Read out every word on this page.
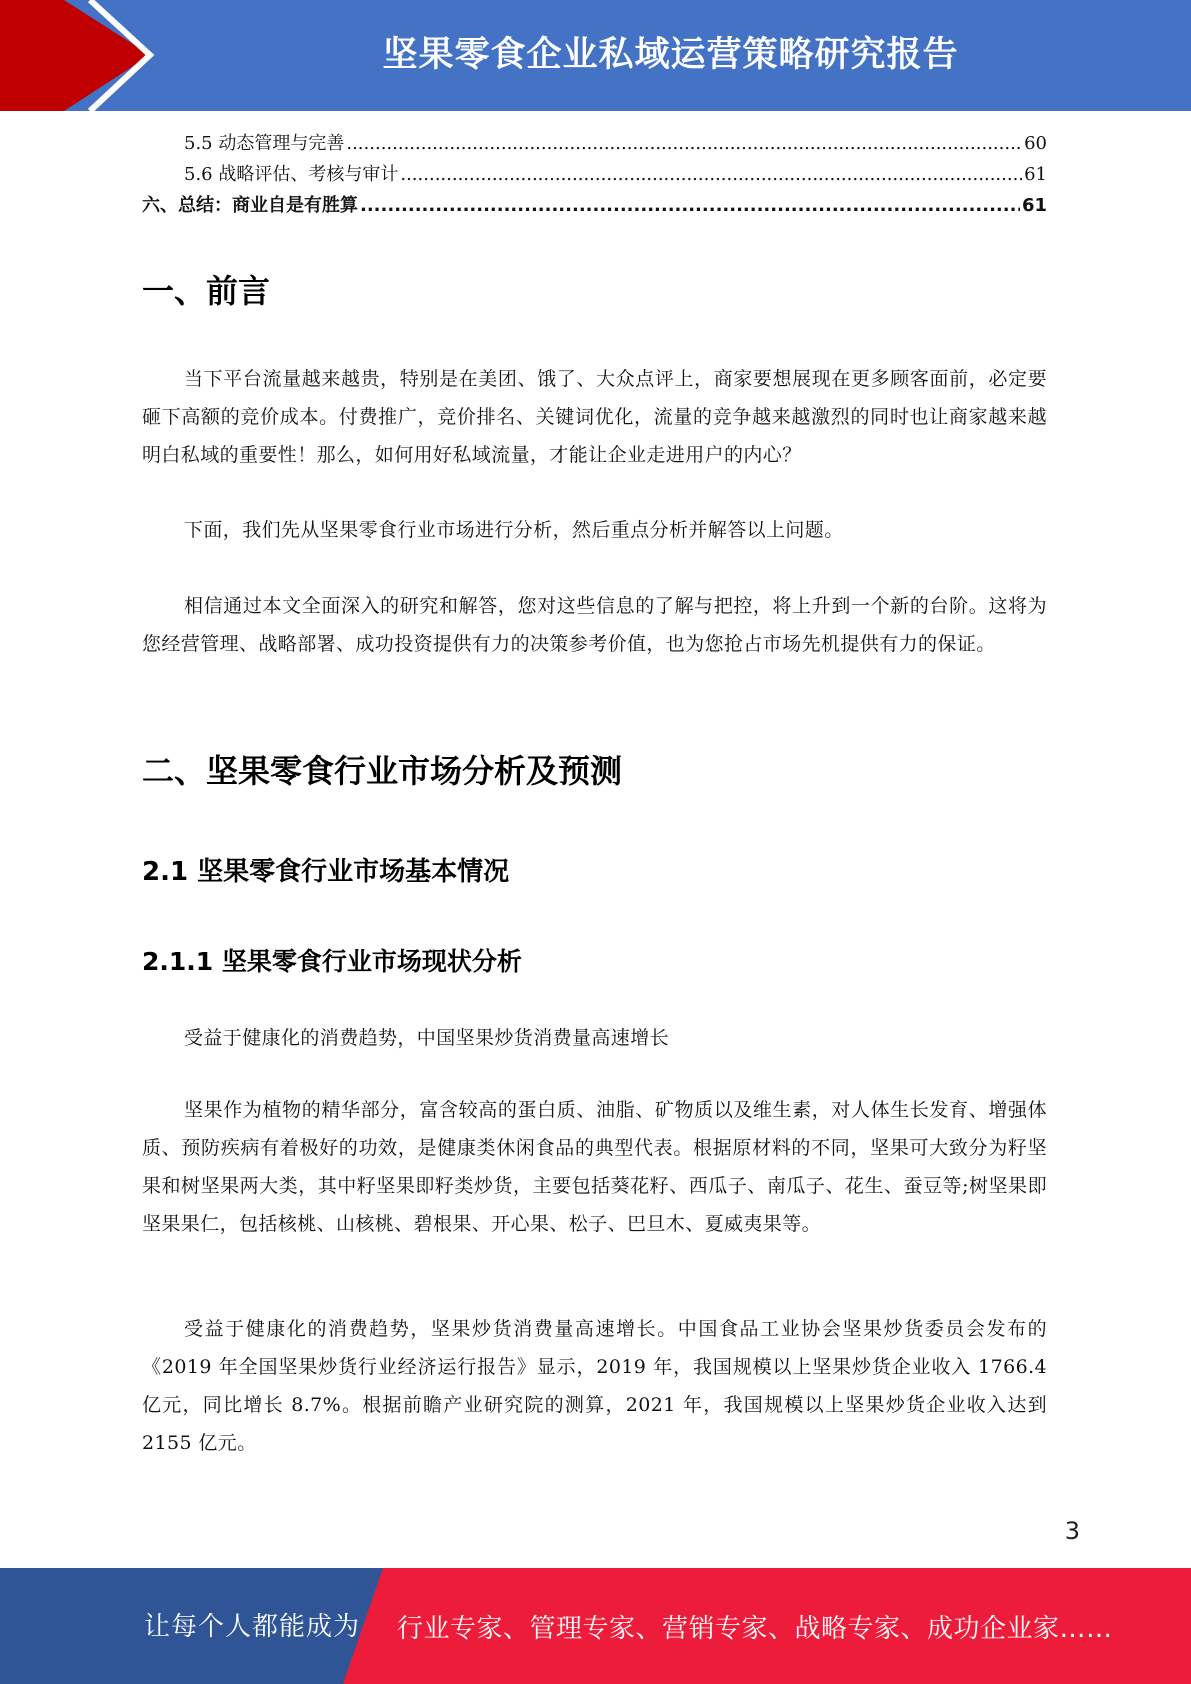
坚果零食企业私域运营策略研究报告
5.5 动态管理与完善 .....	60
5.6 战略评估、考核与审计 .....	61
六、总结：商业自是有胜算 .....	61
一、前言

当下平台流量越来越贵，特别是在美团、饿了、大众点评上，商家要想展现在更多顾客面前，必定要砸下高额的竞价成本。付费推广，竞价排名、关键词优化，流量的竞争越来越激烈的同时也让商家越来越明白私域的重要性！那么，如何用好私域流量，才能让企业走进用户的内心？

下面，我们先从坚果零食行业市场进行分析，然后重点分析并解答以上问题。

相信通过本文全面深入的研究和解答，您对这些信息的了解与把控，将上升到一个新的台阶。这将为您经营管理、战略部署、成功投资提供有力的决策参考价值，也为您抢占市场先机提供有力的保证。

二、坚果零食行业市场分析及预测
2.1 坚果零食行业市场基本情况
2.1.1 坚果零食行业市场现状分析

受益于健康化的消费趋势，中国坚果炒货消费量高速增长

坚果作为植物的精华部分，富含较高的蛋白质、油脂、矿物质以及维生素，对人体生长发育、增强体质、预防疾病有着极好的功效，是健康类休闲食品的典型代表。根据原材料的不同，坚果可大致分为籽坚果和树坚果两大类，其中籽坚果即籽类炒货，主要包括葵花籽、西瓜子、南瓜子、花生、蚕豆等;树坚果即坚果果仁，包括核桃、山核桃、碧根果、开心果、松子、巴旦木、夏威夷果等。

受益于健康化的消费趋势，坚果炒货消费量高速增长。中国食品工业协会坚果炒货委员会发布的《2019 年全国坚果炒货行业经济运行报告》显示，2019 年，我国规模以上坚果炒货企业收入 1766.4 亿元，同比增长 8.7%。根据前瞻产业研究院的测算，2021 年，我国规模以上坚果炒货企业收入达到 2155 亿元。

3
让每个人都能成为 行业专家、管理专家、营销专家、战略专家、成功企业家……
